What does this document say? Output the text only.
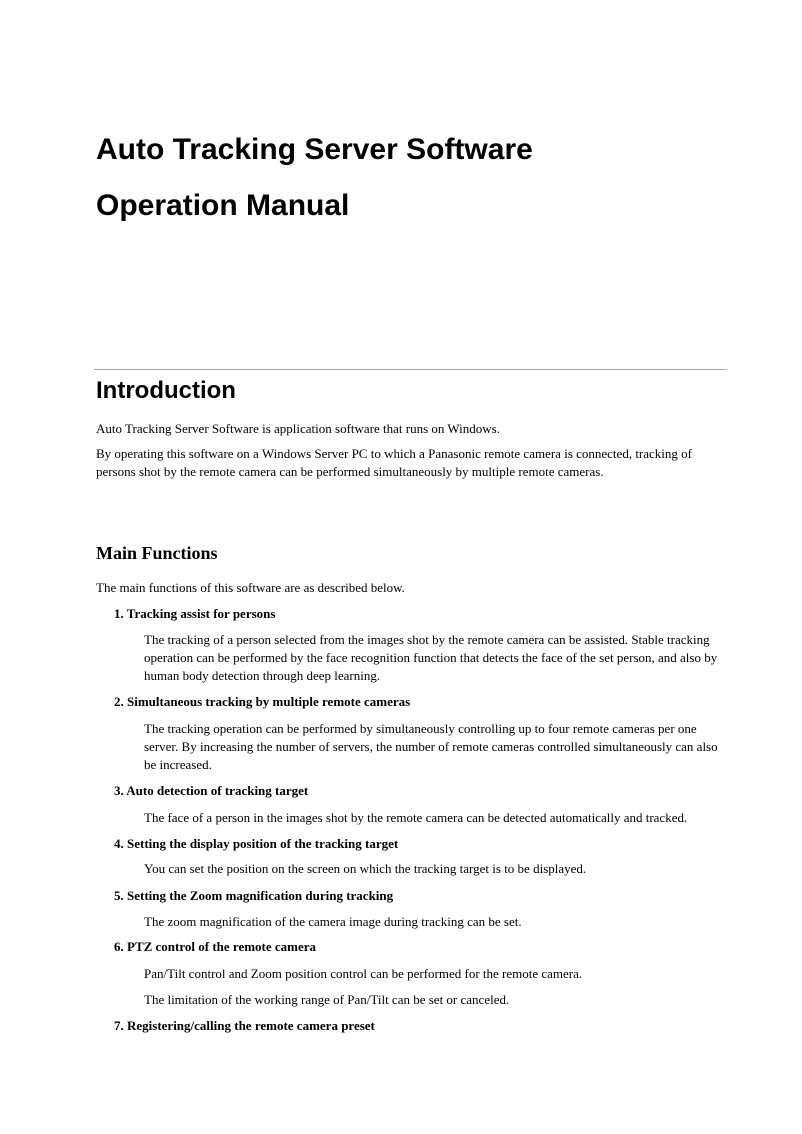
Auto Tracking Server Software
Operation Manual
Introduction

Auto Tracking Server Software is application software that runs on Windows.

By operating this software on a Windows Server PC to which a Panasonic remote camera is connected, tracking of persons shot by the remote camera can be performed simultaneously by multiple remote cameras.

Main Functions

The main functions of this software are as described below.

1. Tracking assist for persons

The tracking of a person selected from the images shot by the remote camera can be assisted. Stable tracking operation can be performed by the face recognition function that detects the face of the set person, and also by human body detection through deep learning.

2. Simultaneous tracking by multiple remote cameras

The tracking operation can be performed by simultaneously controlling up to four remote cameras per one server. By increasing the number of servers, the number of remote cameras controlled simultaneously can also be increased.

3. Auto detection of tracking target

The face of a person in the images shot by the remote camera can be detected automatically and tracked.

4. Setting the display position of the tracking target

You can set the position on the screen on which the tracking target is to be displayed.

5. Setting the Zoom magnification during tracking

The zoom magnification of the camera image during tracking can be set.

6. PTZ control of the remote camera

Pan/Tilt control and Zoom position control can be performed for the remote camera.

The limitation of the working range of Pan/Tilt can be set or canceled.

7. Registering/calling the remote camera preset
